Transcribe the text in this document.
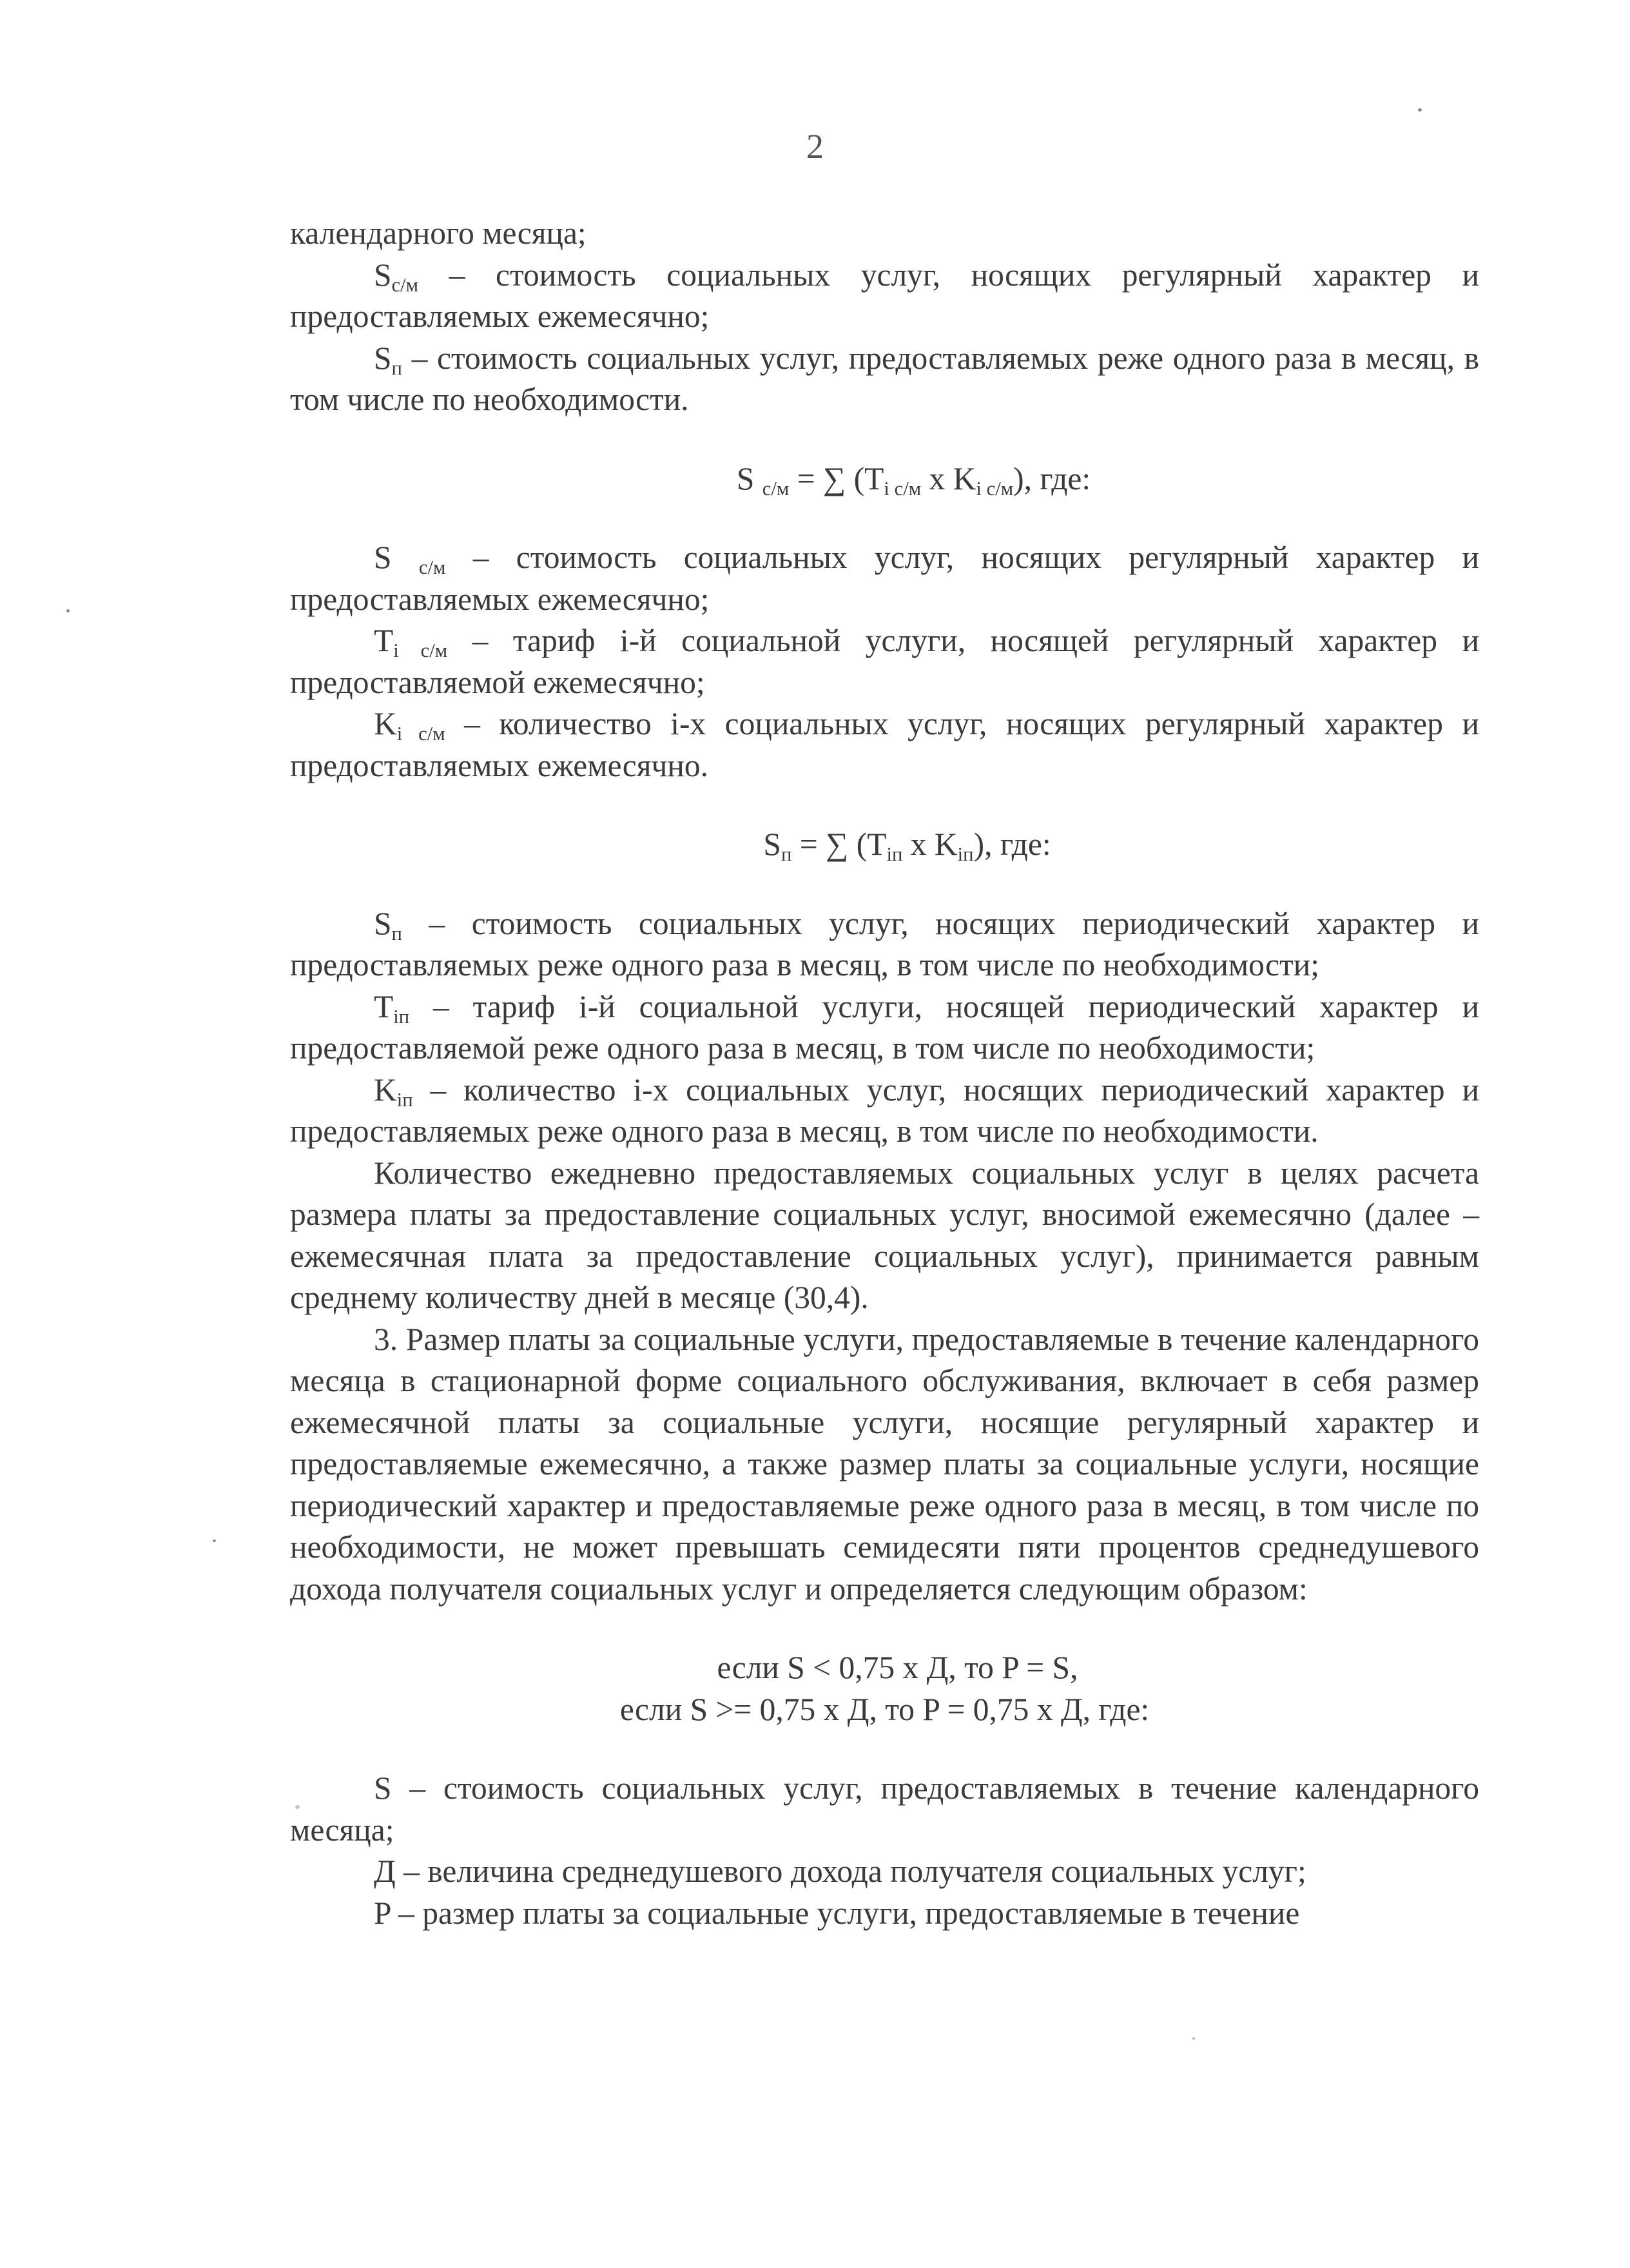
2

календарного месяца;

$S_{с/м}$ – стоимость социальных услуг, носящих регулярный характер и предоставляемых ежемесячно;

$S_п$ – стоимость социальных услуг, предоставляемых реже одного раза в месяц, в том числе по необходимости.

S $_{с/м}$ = ∑ ($T_{i с/м}$ x $K_{i с/м}$), где:

S $_{с/м}$ – стоимость социальных услуг, носящих регулярный характер и предоставляемых ежемесячно;

$T_{i с/м}$ – тариф i-й социальной услуги, носящей регулярный характер и предоставляемой ежемесячно;

$K_{i с/м}$ – количество i-х социальных услуг, носящих регулярный характер и предоставляемых ежемесячно.

$S_п$ = ∑ ($T_{iп}$ x $K_{iп}$), где:

$S_п$ – стоимость социальных услуг, носящих периодический характер и предоставляемых реже одного раза в месяц, в том числе по необходимости;

$T_{iп}$ – тариф i-й социальной услуги, носящей периодический характер и предоставляемой реже одного раза в месяц, в том числе по необходимости;

$K_{iп}$ – количество i-х социальных услуг, носящих периодический характер и предоставляемых реже одного раза в месяц, в том числе по необходимости.

Количество ежедневно предоставляемых социальных услуг в целях расчета размера платы за предоставление социальных услуг, вносимой ежемесячно (далее – ежемесячная плата за предоставление социальных услуг), принимается равным среднему количеству дней в месяце (30,4).

3. Размер платы за социальные услуги, предоставляемые в течение календарного месяца в стационарной форме социального обслуживания, включает в себя размер ежемесячной платы за социальные услуги, носящие регулярный характер и предоставляемые ежемесячно, а также размер платы за социальные услуги, носящие периодический характер и предоставляемые реже одного раза в месяц, в том числе по необходимости, не может превышать семидесяти пяти процентов среднедушевого дохода получателя социальных услуг и определяется следующим образом:

если S < 0,75 x Д, то P = S,

если S >= 0,75 x Д, то P = 0,75 x Д, где:

S – стоимость социальных услуг, предоставляемых в течение календарного месяца;

Д – величина среднедушевого дохода получателя социальных услуг;

P – размер платы за социальные услуги, предоставляемые в течение
